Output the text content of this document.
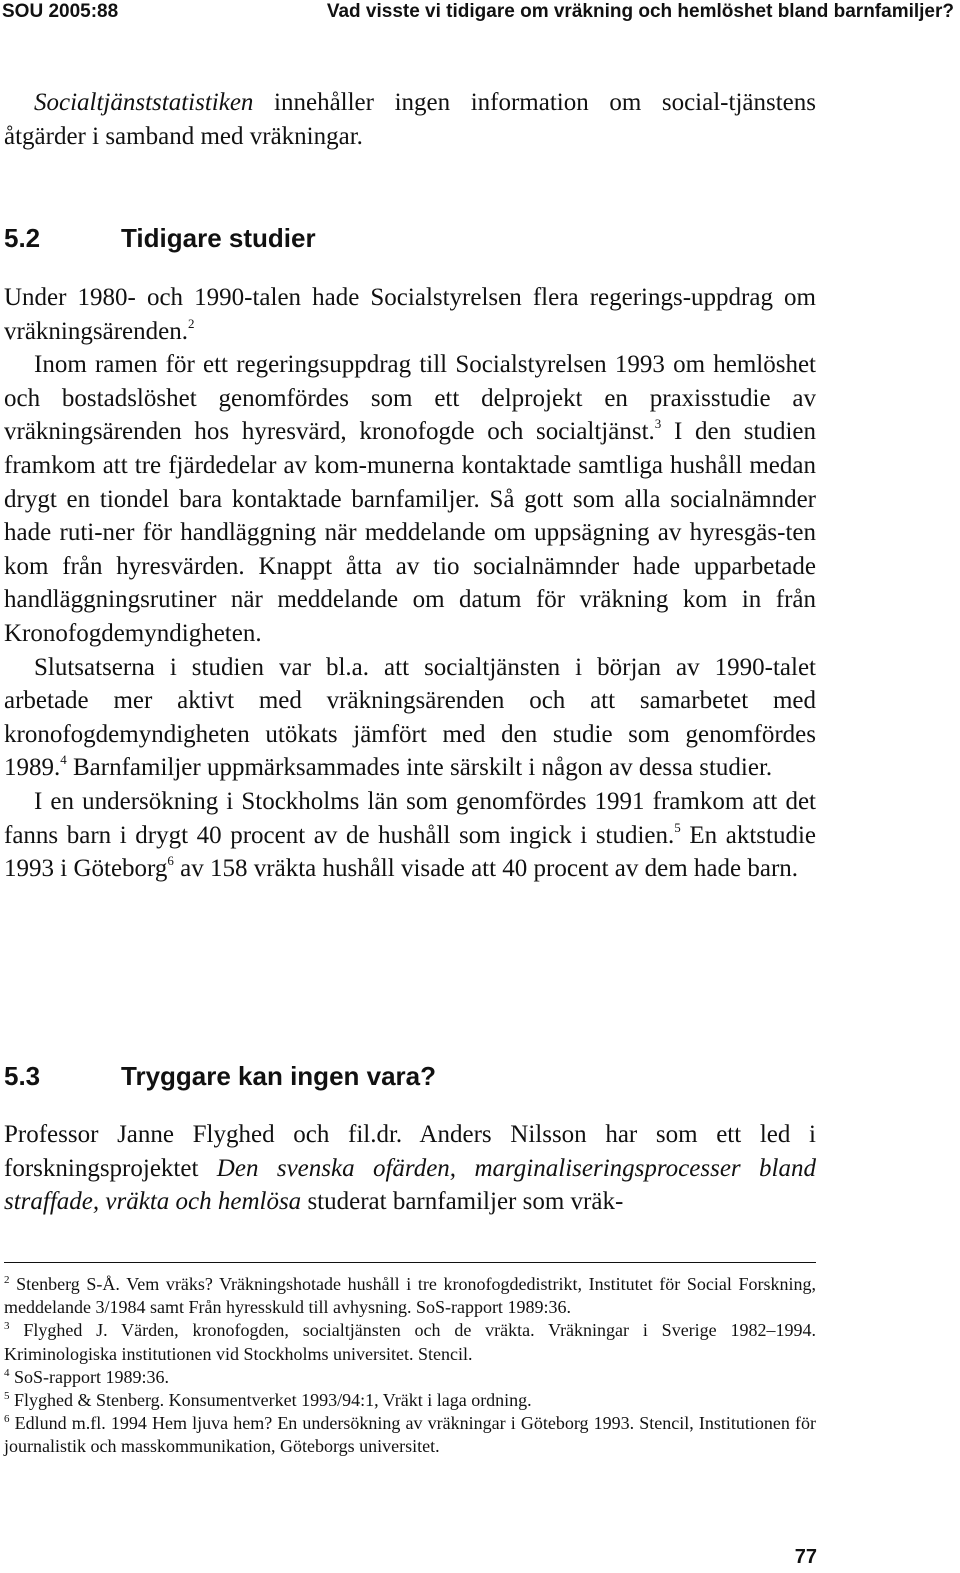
SOU 2005:88	Vad visste vi tidigare om vräkning och hemlöshet bland barnfamiljer?

Socialtjänststatistiken innehåller ingen information om social-tjänstens åtgärder i samband med vräkningar.

5.2	Tidigare studier

Under 1980- och 1990-talen hade Socialstyrelsen flera regerings-uppdrag om vräkningsärenden.$^2$

Inom ramen för ett regeringsuppdrag till Socialstyrelsen 1993 om hemlöshet och bostadslöshet genomfördes som ett delprojekt en praxisstudie av vräkningsärenden hos hyresvärd, kronofogde och socialtjänst.$^3$ I den studien framkom att tre fjärdedelar av kom-munerna kontaktade samtliga hushåll medan drygt en tiondel bara kontaktade barnfamiljer. Så gott som alla socialnämnder hade ruti-ner för handläggning när meddelande om uppsägning av hyresgäs-ten kom från hyresvärden. Knappt åtta av tio socialnämnder hade upparbetade handläggningsrutiner när meddelande om datum för vräkning kom in från Kronofogdemyndigheten.

Slutsatserna i studien var bl.a. att socialtjänsten i början av 1990-talet arbetade mer aktivt med vräkningsärenden och att samarbetet med kronofogdemyndigheten utökats jämfört med den studie som genomfördes 1989.$^4$ Barnfamiljer uppmärksammades inte särskilt i någon av dessa studier.

I en undersökning i Stockholms län som genomfördes 1991 framkom att det fanns barn i drygt 40 procent av de hushåll som ingick i studien.$^5$ En aktstudie 1993 i Göteborg$^6$ av 158 vräkta hushåll visade att 40 procent av dem hade barn.

5.3	Tryggare kan ingen vara?

Professor Janne Flyghed och fil.dr. Anders Nilsson har som ett led i forskningsprojektet Den svenska ofärden, marginaliseringsprocesser bland straffade, vräkta och hemlösa studerat barnfamiljer som vräk-

$^2$ Stenberg S-Å. Vem vräks? Vräkningshotade hushåll i tre kronofogdedistrikt, Institutet för Social Forskning, meddelande 3/1984 samt Från hyresskuld till avhysning. SoS-rapport 1989:36.

$^3$ Flyghed J. Värden, kronofogden, socialtjänsten och de vräkta. Vräkningar i Sverige 1982–1994. Kriminologiska institutionen vid Stockholms universitet. Stencil.

$^4$ SoS-rapport 1989:36.

$^5$ Flyghed & Stenberg. Konsumentverket 1993/94:1, Vräkt i laga ordning.

$^6$ Edlund m.fl. 1994 Hem ljuva hem? En undersökning av vräkningar i Göteborg 1993. Stencil, Institutionen för journalistik och masskommunikation, Göteborgs universitet.

77
